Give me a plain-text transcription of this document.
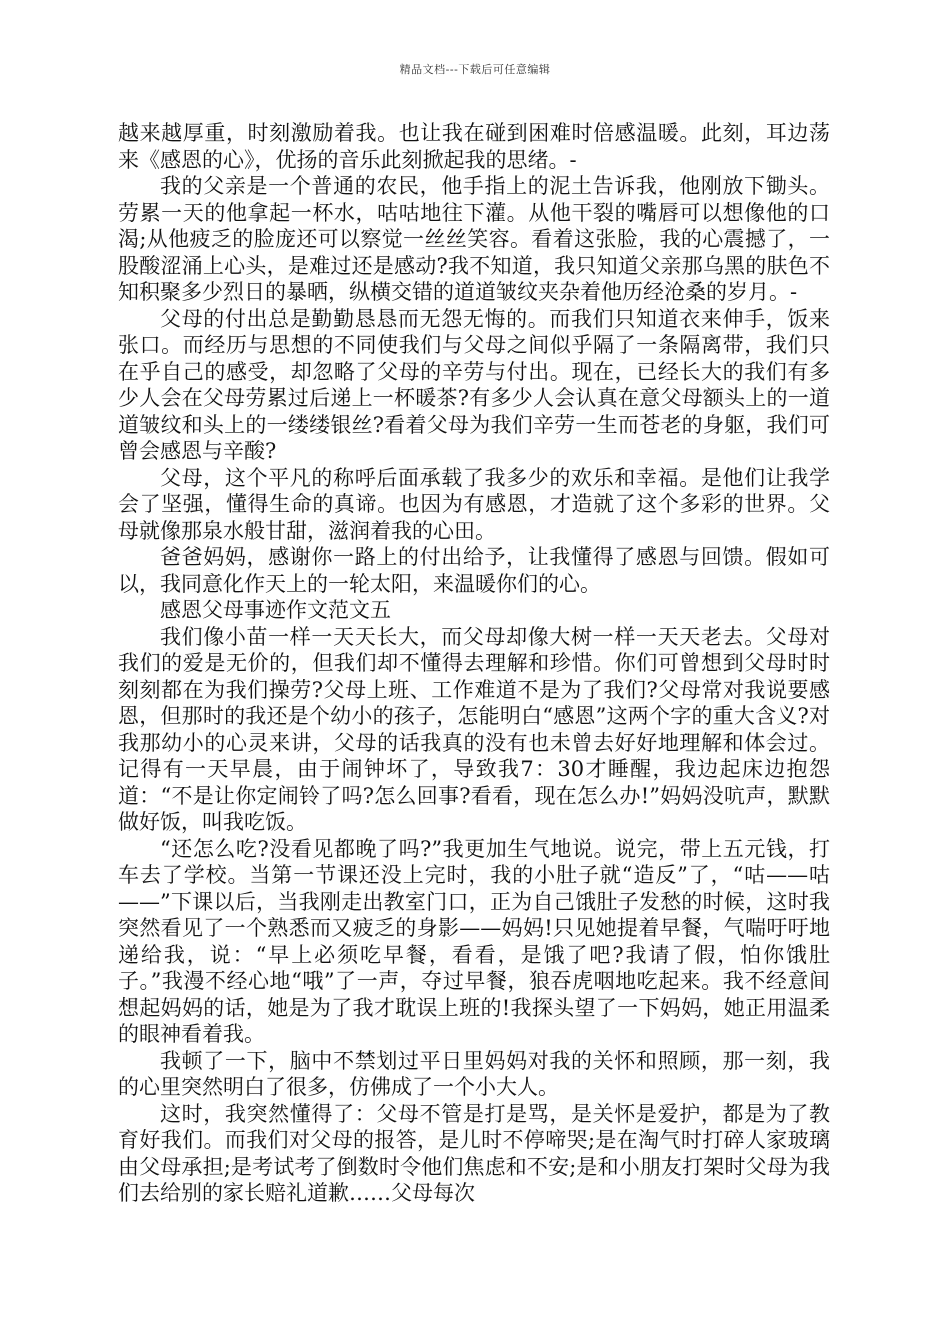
精品文档---下载后可任意编辑

越来越厚重，时刻激励着我。也让我在碰到困难时倍感温暖。此刻，耳边荡来《感恩的心》，优扬的音乐此刻掀起我的思绪。-

我的父亲是一个普通的农民，他手指上的泥土告诉我，他刚放下锄头。劳累一天的他拿起一杯水，咕咕地往下灌。从他干裂的嘴唇可以想像他的口渴;从他疲乏的脸庞还可以察觉一丝丝笑容。看着这张脸，我的心震撼了，一股酸涩涌上心头，是难过还是感动?我不知道，我只知道父亲那乌黑的肤色不知积聚多少烈日的暴晒，纵横交错的道道皱纹夹杂着他历经沧桑的岁月。-

父母的付出总是勤勤恳恳而无怨无悔的。而我们只知道衣来伸手，饭来张口。而经历与思想的不同使我们与父母之间似乎隔了一条隔离带，我们只在乎自己的感受，却忽略了父母的辛劳与付出。现在，已经长大的我们有多少人会在父母劳累过后递上一杯暖茶?有多少人会认真在意父母额头上的一道道皱纹和头上的一缕缕银丝?看着父母为我们辛劳一生而苍老的身躯，我们可曾会感恩与辛酸?

父母，这个平凡的称呼后面承载了我多少的欢乐和幸福。是他们让我学会了坚强，懂得生命的真谛。也因为有感恩，才造就了这个多彩的世界。父母就像那泉水般甘甜，滋润着我的心田。

爸爸妈妈，感谢你一路上的付出给予，让我懂得了感恩与回馈。假如可以，我同意化作天上的一轮太阳，来温暖你们的心。

感恩父母事迹作文范文五

我们像小苗一样一天天长大，而父母却像大树一样一天天老去。父母对我们的爱是无价的，但我们却不懂得去理解和珍惜。你们可曾想到父母时时刻刻都在为我们操劳?父母上班、工作难道不是为了我们?父母常对我说要感恩，但那时的我还是个幼小的孩子，怎能明白“感恩”这两个字的重大含义?对我那幼小的心灵来讲，父母的话我真的没有也未曾去好好地理解和体会过。记得有一天早晨，由于闹钟坏了，导致我7：30才睡醒，我边起床边抱怨道：“不是让你定闹铃了吗?怎么回事?看看，现在怎么办!”妈妈没吭声，默默做好饭，叫我吃饭。

“还怎么吃?没看见都晚了吗?”我更加生气地说。说完，带上五元钱，打车去了学校。当第一节课还没上完时，我的小肚子就“造反”了，“咕——咕——”下课以后，当我刚走出教室门口，正为自己饿肚子发愁的时候，这时我突然看见了一个熟悉而又疲乏的身影——妈妈!只见她提着早餐，气喘吁吁地递给我，说：“早上必须吃早餐，看看，是饿了吧?我请了假，怕你饿肚子。”我漫不经心地“哦”了一声，夺过早餐，狼吞虎咽地吃起来。我不经意间想起妈妈的话，她是为了我才耽误上班的!我探头望了一下妈妈，她正用温柔的眼神看着我。

我顿了一下，脑中不禁划过平日里妈妈对我的关怀和照顾，那一刻，我的心里突然明白了很多，仿佛成了一个小大人。

这时，我突然懂得了：父母不管是打是骂，是关怀是爱护，都是为了教育好我们。而我们对父母的报答，是儿时不停啼哭;是在淘气时打碎人家玻璃由父母承担;是考试考了倒数时令他们焦虑和不安;是和小朋友打架时父母为我们去给别的家长赔礼道歉……父母每次
